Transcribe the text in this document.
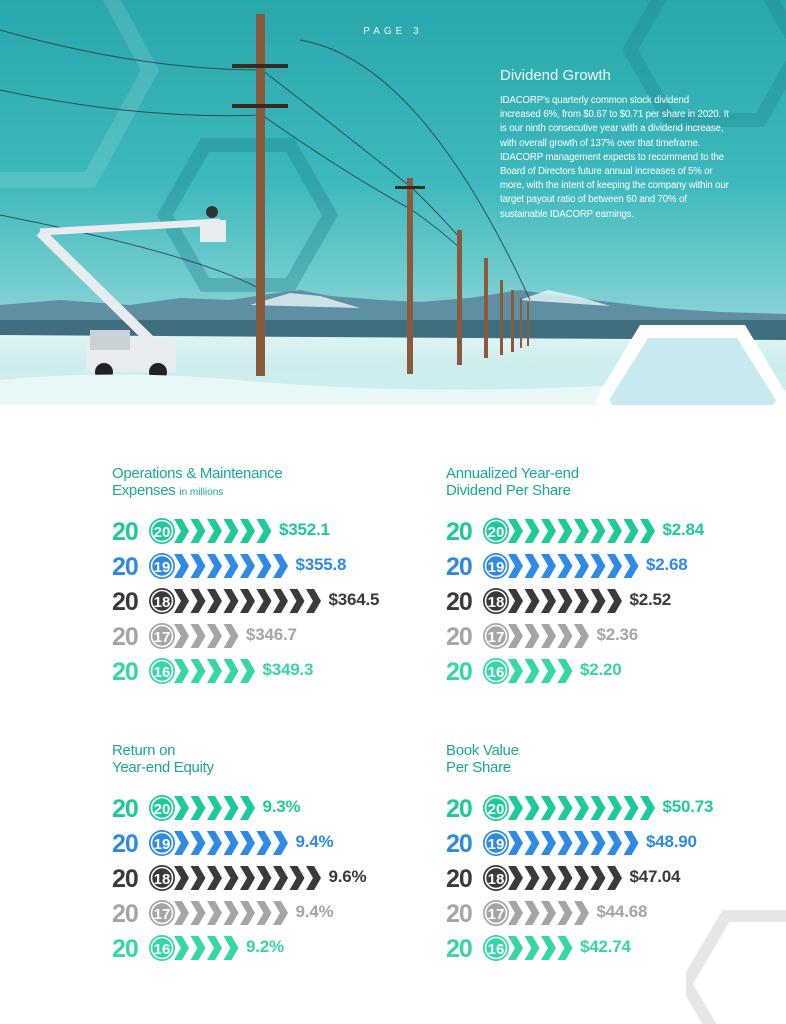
PAGE 3
Dividend Growth
IDACORP's quarterly common stock dividend increased 6%, from $0.67 to $0.71 per share in 2020. It is our ninth consecutive year with a dividend increase, with overall growth of 137% over that timeframe. IDACORP management expects to recommend to the Board of Directors future annual increases of 5% or more, with the intent of keeping the company within our target payout ratio of between 60 and 70% of sustainable IDACORP earnings.
Operations & Maintenance
Expenses in millions
20 20	$352.1
20 19	$355.8
20 18	$364.5
20 17	$346.7
20 16	$349.3
Annualized Year-end
Dividend Per Share
20 20	$2.84
20 19	$2.68
20 18	$2.52
20 17	$2.36
20 16	$2.20
Return on
Year-end Equity
20 20	9.3%
20 19	9.4%
20 18	9.6%
20 17	9.4%
20 16	9.2%
Book Value
Per Share
20 20	$50.73
20 19	$48.90
20 18	$47.04
20 17	$44.68
20 16	$42.74
